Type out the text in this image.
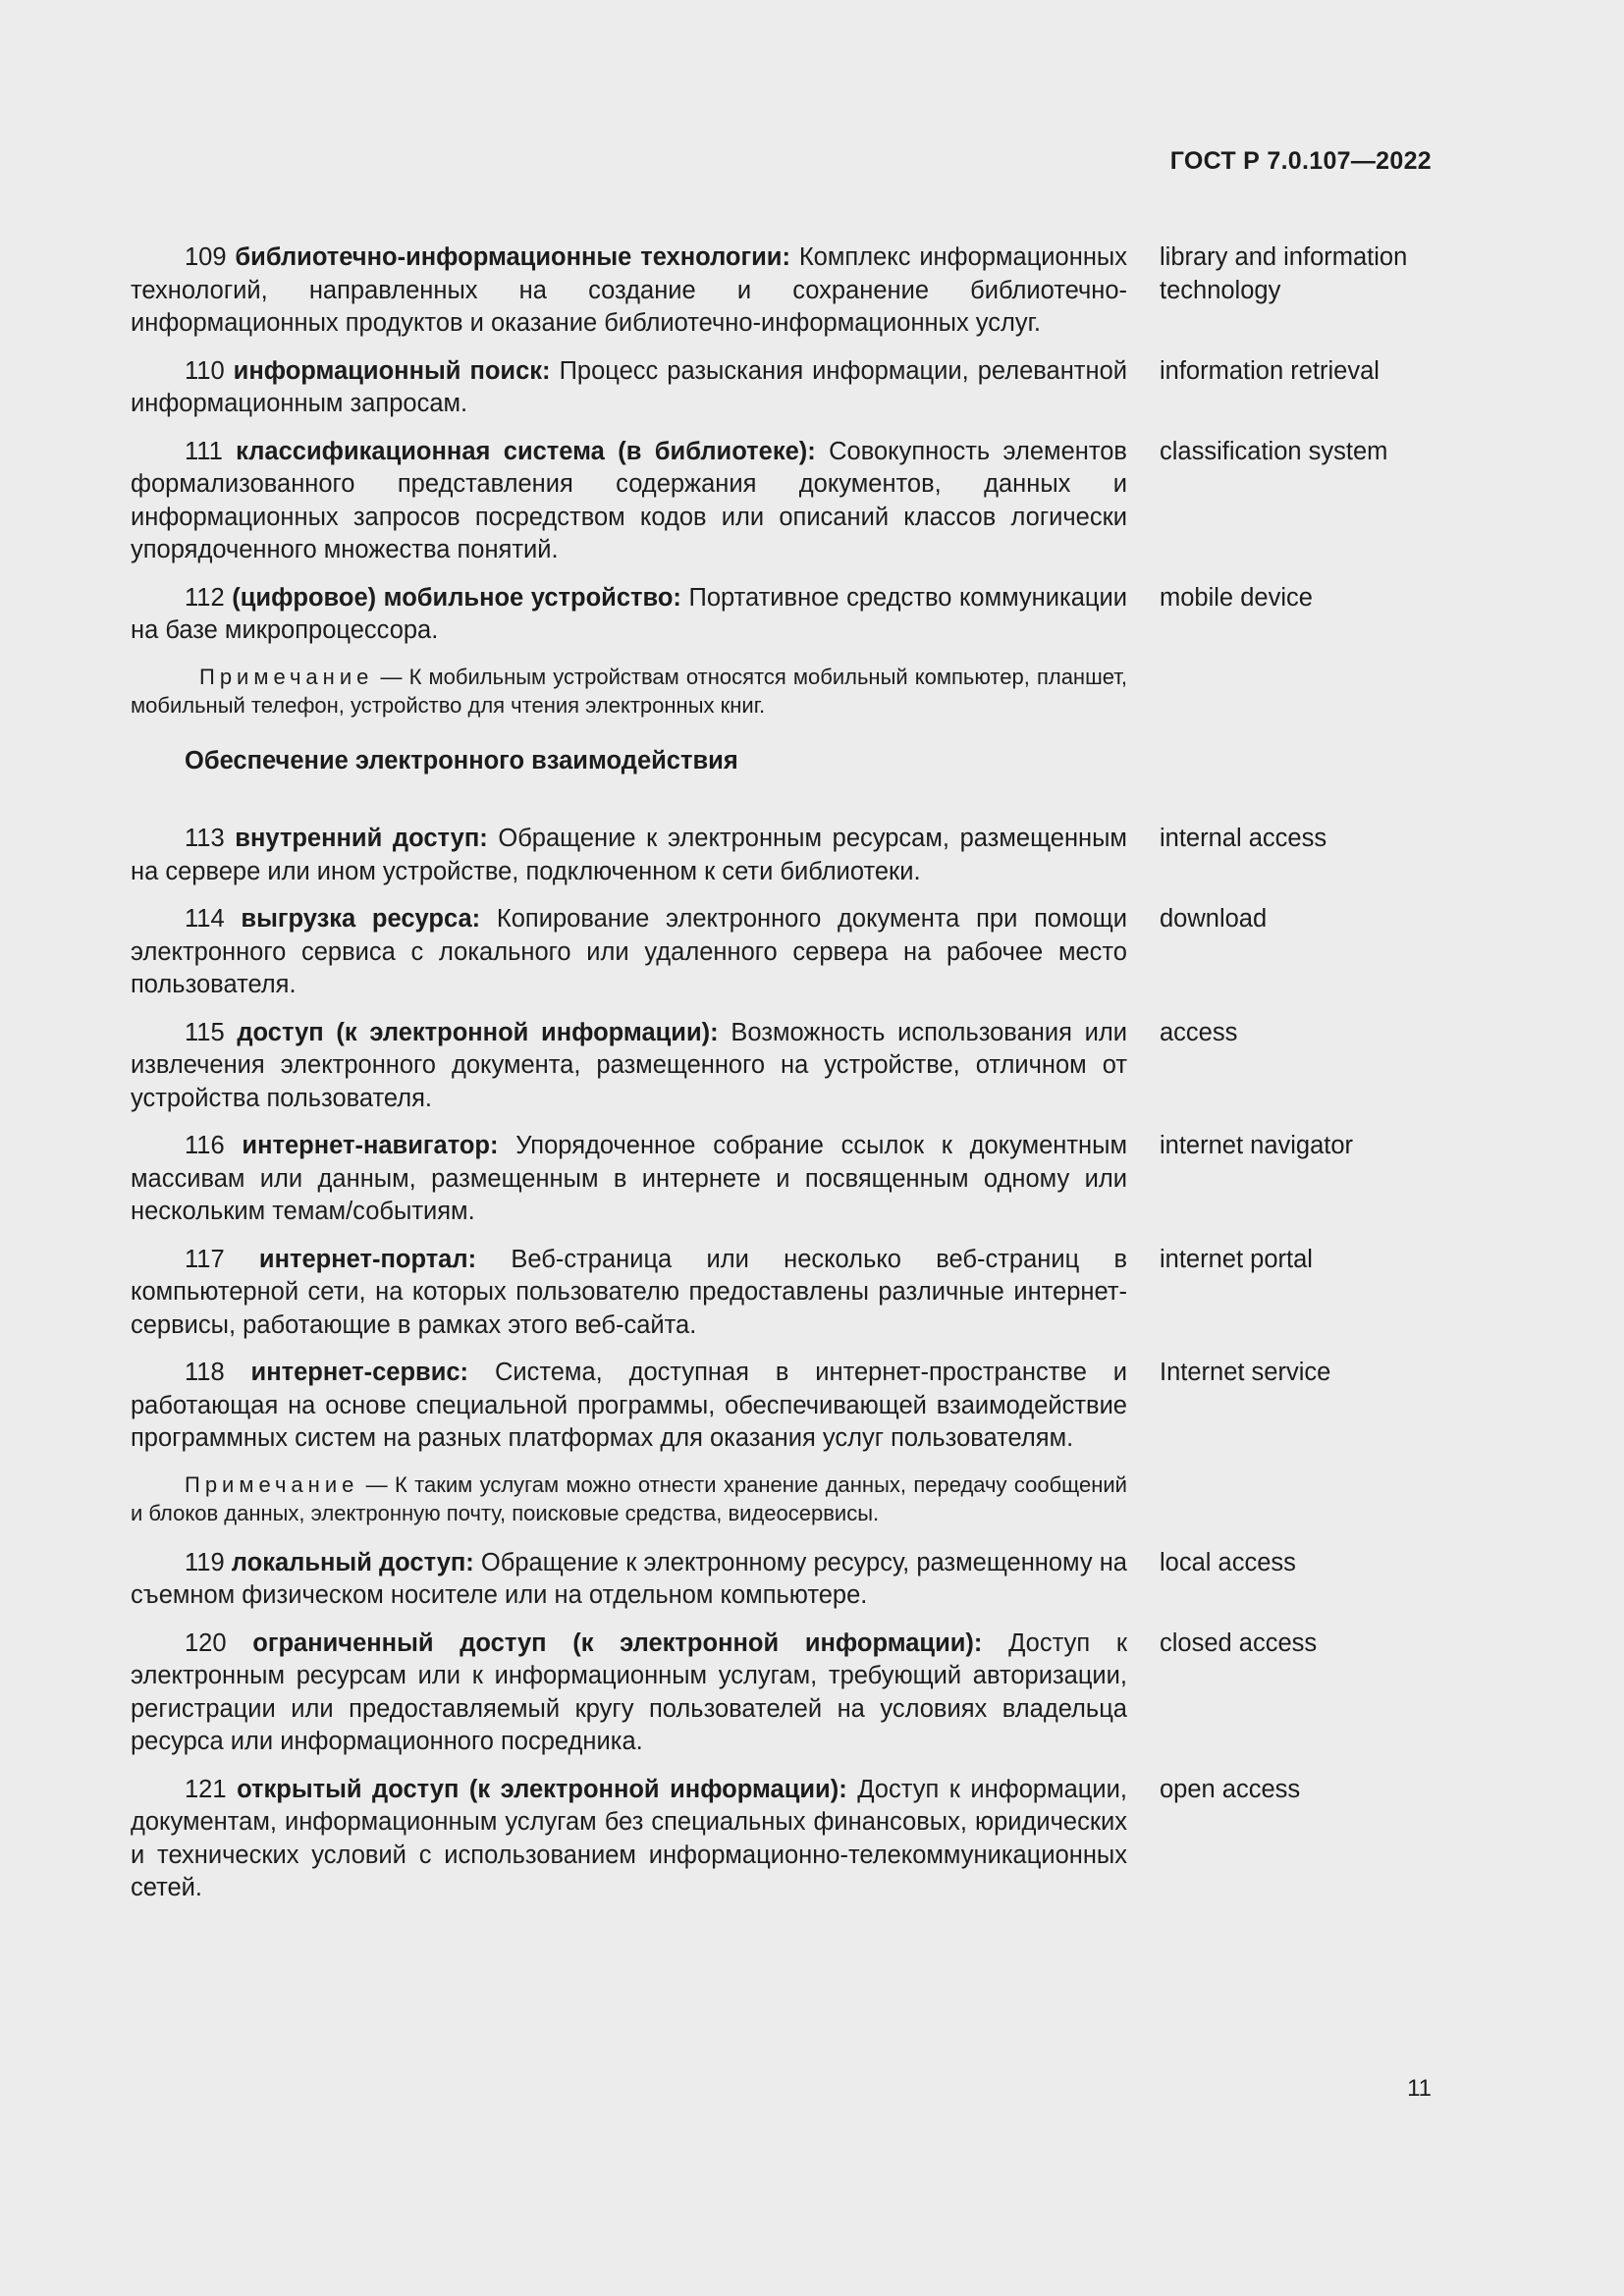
ГОСТ Р 7.0.107—2022
109 библиотечно-информационные технологии: Комплекс информационных технологий, направленных на создание и сохранение библиотечно-информационных продуктов и оказание библиотечно-информационных услуг.
library and information technology
110 информационный поиск: Процесс разыскания информации, релевантной информационным запросам.
information retrieval
111 классификационная система (в библиотеке): Совокупность элементов формализованного представления содержания документов, данных и информационных запросов посредством кодов или описаний классов логически упорядоченного множества понятий.
classification system
112 (цифровое) мобильное устройство: Портативное средство коммуникации на базе микропроцессора.
mobile device
Примечание — К мобильным устройствам относятся мобильный компьютер, планшет, мобильный телефон, устройство для чтения электронных книг.
Обеспечение электронного взаимодействия
113 внутренний доступ: Обращение к электронным ресурсам, размещенным на сервере или ином устройстве, подключенном к сети библиотеки.
internal access
114 выгрузка ресурса: Копирование электронного документа при помощи электронного сервиса с локального или удаленного сервера на рабочее место пользователя.
download
115 доступ (к электронной информации): Возможность использования или извлечения электронного документа, размещенного на устройстве, отличном от устройства пользователя.
access
116 интернет-навигатор: Упорядоченное собрание ссылок к документным массивам или данным, размещенным в интернете и посвященным одному или нескольким темам/событиям.
internet navigator
117 интернет-портал: Веб-страница или несколько веб-страниц в компьютерной сети, на которых пользователю предоставлены различные интернет-сервисы, работающие в рамках этого веб-сайта.
internet portal
118 интернет-сервис: Система, доступная в интернет-пространстве и работающая на основе специальной программы, обеспечивающей взаимодействие программных систем на разных платформах для оказания услуг пользователям.
Internet service
Примечание — К таким услугам можно отнести хранение данных, передачу сообщений и блоков данных, электронную почту, поисковые средства, видеосервисы.
119 локальный доступ: Обращение к электронному ресурсу, размещенному на съемном физическом носителе или на отдельном компьютере.
local access
120 ограниченный доступ (к электронной информации): Доступ к электронным ресурсам или к информационным услугам, требующий авторизации, регистрации или предоставляемый кругу пользователей на условиях владельца ресурса или информационного посредника.
closed access
121 открытый доступ (к электронной информации): Доступ к информации, документам, информационным услугам без специальных финансовых, юридических и технических условий с использованием информационно-телекоммуникационных сетей.
open access
11
